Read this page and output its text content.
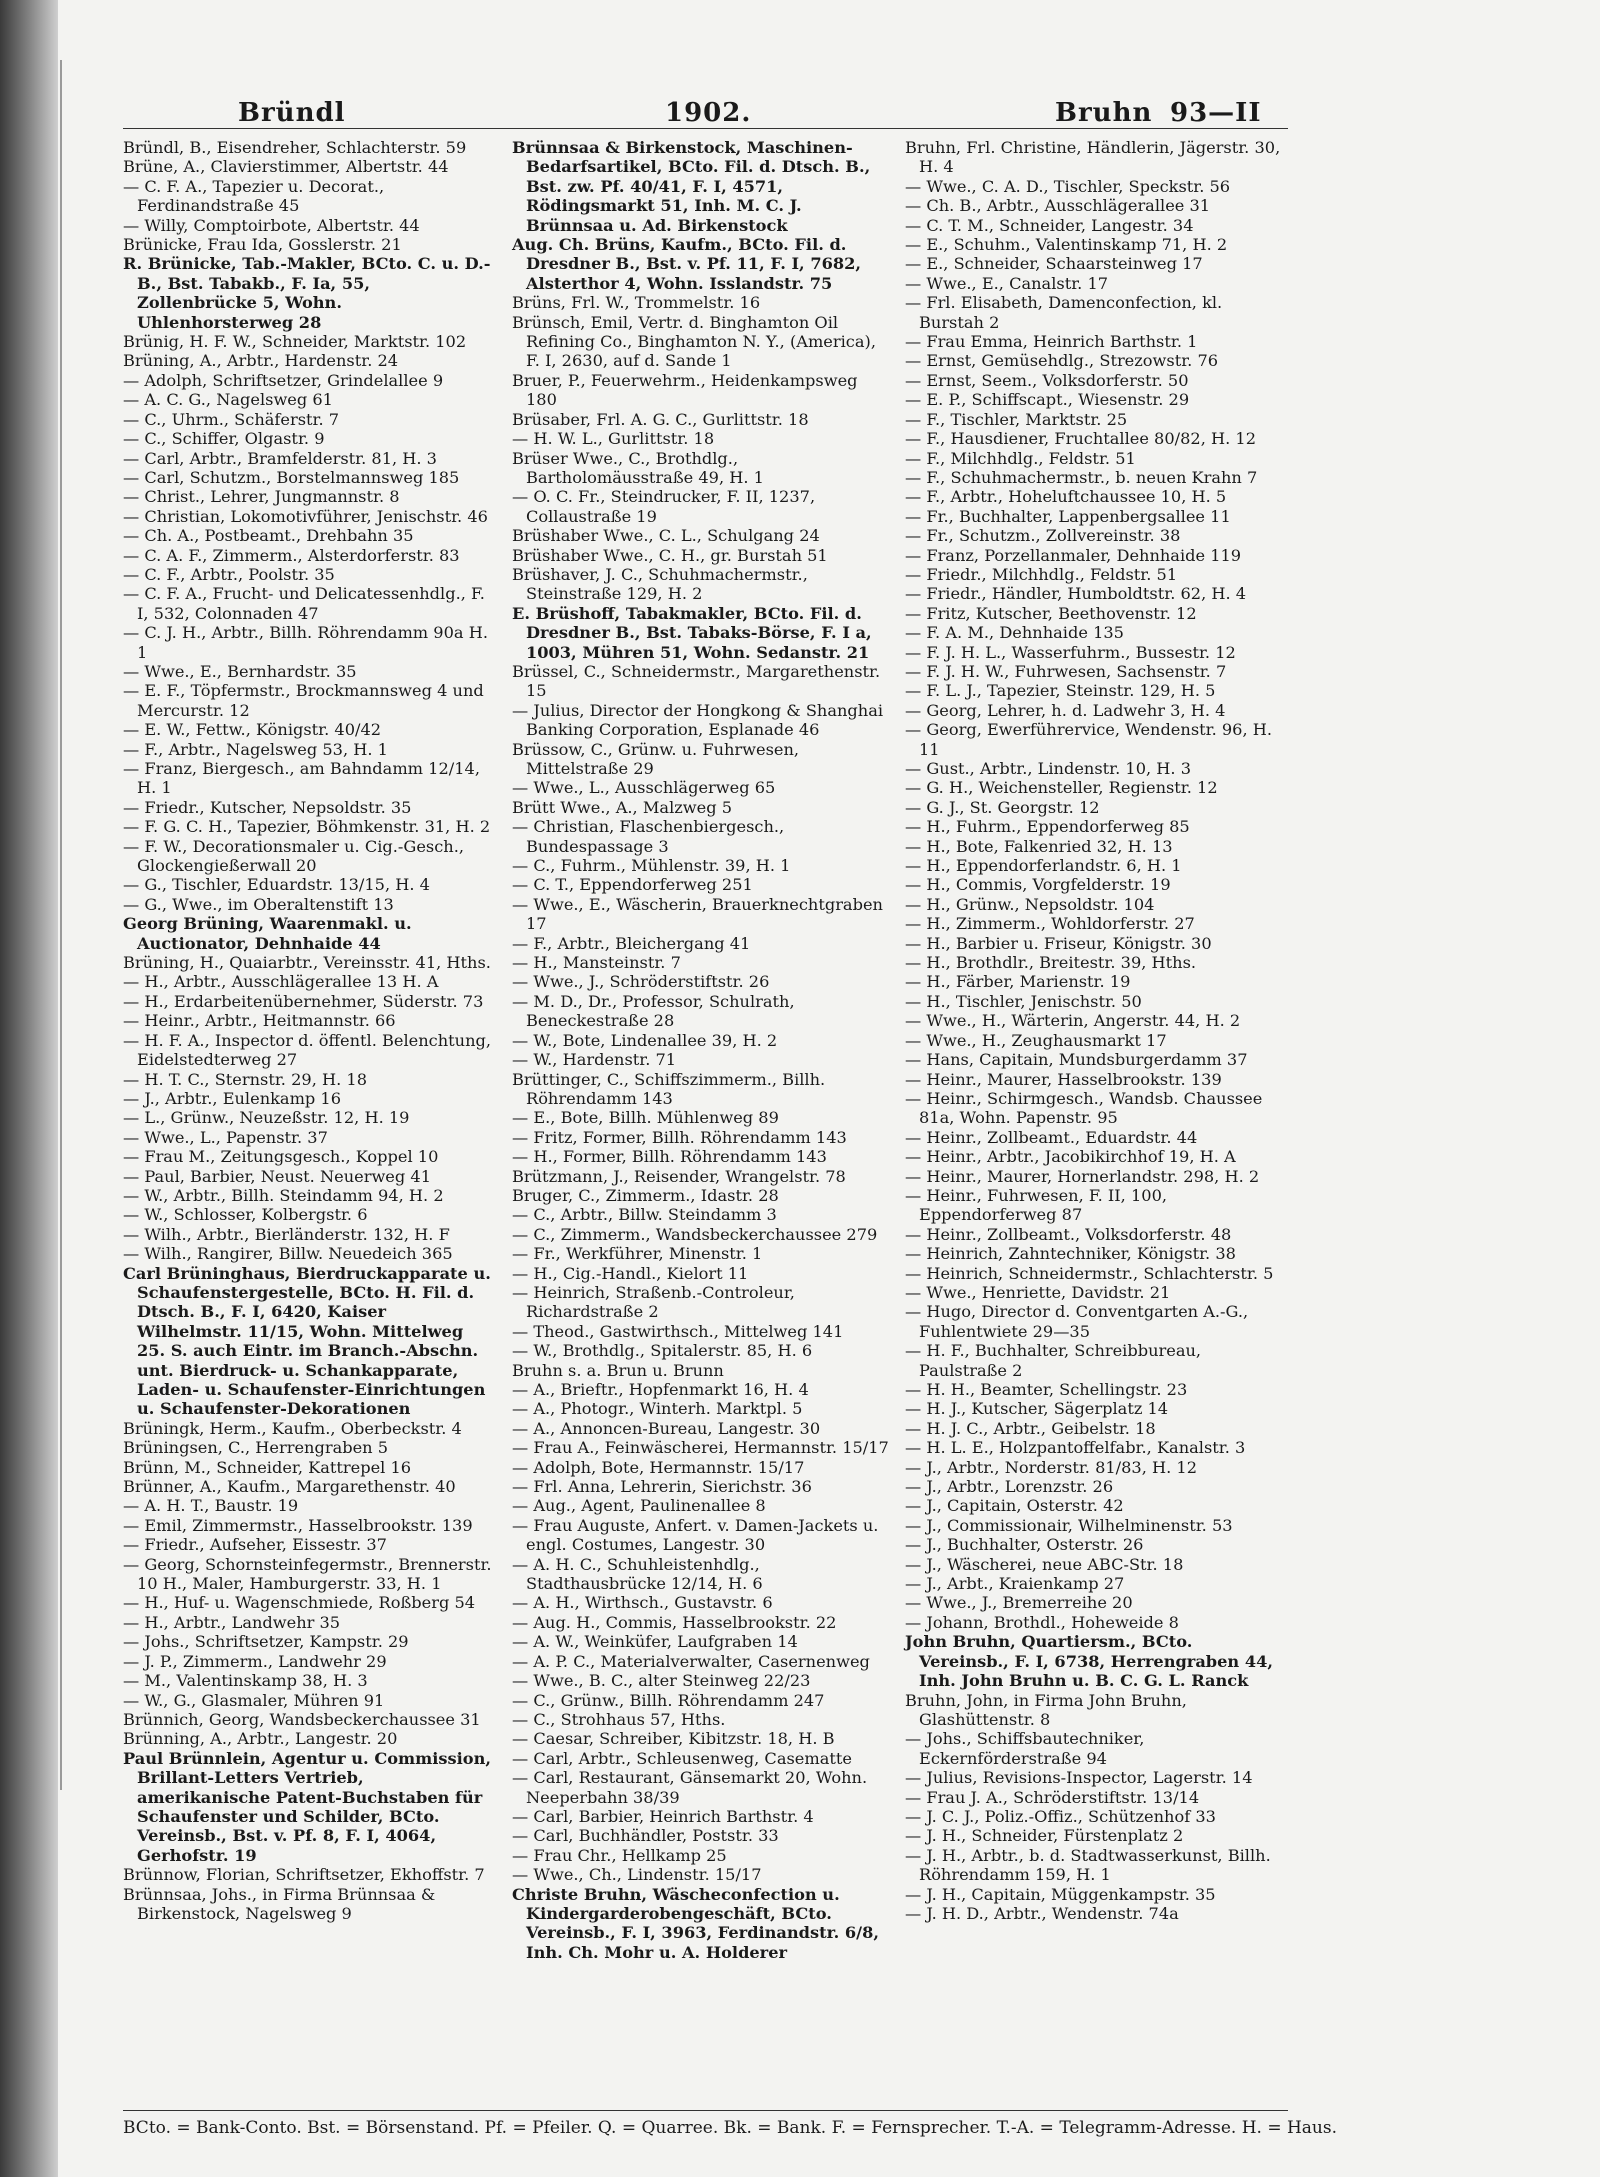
Bründl	1902.	Bruhn 93—II

Bründl, B., Eisendreher, Schlachterstr. 59

Brüne, A., Clavierstimmer, Albertstr. 44

— C. F. A., Tapezier u. Decorat., Ferdinandstraße 45

— Willy, Comptoirbote, Albertstr. 44

Brünicke, Frau Ida, Gosslerstr. 21

R. Brünicke, Tab.-Makler, BCto. C. u. D.-B., Bst. Tabakb., F. Ia, 55, Zollenbrücke 5, Wohn. Uhlenhorsterweg 28

Brünig, H. F. W., Schneider, Marktstr. 102

Brüning, A., Arbtr., Hardenstr. 24

— Adolph, Schriftsetzer, Grindelallee 9

— A. C. G., Nagelsweg 61

— C., Uhrm., Schäferstr. 7

— C., Schiffer, Olgastr. 9

— Carl, Arbtr., Bramfelderstr. 81, H. 3

— Carl, Schutzm., Borstelmannsweg 185

— Christ., Lehrer, Jungmannstr. 8

— Christian, Lokomotivführer, Jenischstr. 46

— Ch. A., Postbeamt., Drehbahn 35

— C. A. F., Zimmerm., Alsterdorferstr. 83

— C. F., Arbtr., Poolstr. 35

— C. F. A., Frucht- und Delicatessenhdlg., F. I, 532, Colonnaden 47

— C. J. H., Arbtr., Billh. Röhrendamm 90a H. 1

— Wwe., E., Bernhardstr. 35

— E. F., Töpfermstr., Brockmannsweg 4 und Mercurstr. 12

— E. W., Fettw., Königstr. 40/42

— F., Arbtr., Nagelsweg 53, H. 1

— Franz, Biergesch., am Bahndamm 12/14, H. 1

— Friedr., Kutscher, Nepsoldstr. 35

— F. G. C. H., Tapezier, Böhmkenstr. 31, H. 2

— F. W., Decorationsmaler u. Cig.-Gesch., Glockengießerwall 20

— G., Tischler, Eduardstr. 13/15, H. 4

— G., Wwe., im Oberaltenstift 13

Georg Brüning, Waarenmakl. u. Auctionator, Dehnhaide 44

Brüning, H., Quaiarbtr., Vereinsstr. 41, Hths.

— H., Arbtr., Ausschlägerallee 13 H. A

— H., Erdarbeitenübernehmer, Süderstr. 73

— Heinr., Arbtr., Heitmannstr. 66

— H. F. A., Inspector d. öffentl. Belenchtung, Eidelstedterweg 27

— H. T. C., Sternstr. 29, H. 18

— J., Arbtr., Eulenkamp 16

— L., Grünw., Neuzeßstr. 12, H. 19

— Wwe., L., Papenstr. 37

— Frau M., Zeitungsgesch., Koppel 10

— Paul, Barbier, Neust. Neuerweg 41

— W., Arbtr., Billh. Steindamm 94, H. 2

— W., Schlosser, Kolbergstr. 6

— Wilh., Arbtr., Bierländerstr. 132, H. F

— Wilh., Rangirer, Billw. Neuedeich 365

Carl Brüninghaus, Bierdruckapparate u. Schaufenstergestelle, BCto. H. Fil. d. Dtsch. B., F. I, 6420, Kaiser Wilhelmstr. 11/15, Wohn. Mittelweg 25. S. auch Eintr. im Branch.-Abschn. unt. Bierdruck- u. Schankapparate, Laden- u. Schaufenster-Einrichtungen u. Schaufenster-Dekorationen

Brüningk, Herm., Kaufm., Oberbeckstr. 4

Brüningsen, C., Herrengraben 5

Brünn, M., Schneider, Kattrepel 16

Brünner, A., Kaufm., Margarethenstr. 40

— A. H. T., Baustr. 19

— Emil, Zimmermstr., Hasselbrookstr. 139

— Friedr., Aufseher, Eissestr. 37

— Georg, Schornsteinfegermstr., Brennerstr. 10 H., Maler, Hamburgerstr. 33, H. 1

— H., Huf- u. Wagenschmiede, Roßberg 54

— H., Arbtr., Landwehr 35

— Johs., Schriftsetzer, Kampstr. 29

— J. P., Zimmerm., Landwehr 29

— M., Valentinskamp 38, H. 3

— W., G., Glasmaler, Mühren 91

Brünnich, Georg, Wandsbeckerchaussee 31

Brünning, A., Arbtr., Langestr. 20

Paul Brünnlein, Agentur u. Commission, Brillant-Letters Vertrieb, amerikanische Patent-Buchstaben für Schaufenster und Schilder, BCto. Vereinsb., Bst. v. Pf. 8, F. I, 4064, Gerhofstr. 19

Brünnow, Florian, Schriftsetzer, Ekhoffstr. 7

Brünnsaa, Johs., in Firma Brünnsaa & Birkenstock, Nagelsweg 9

Brünnsaa & Birkenstock, Maschinen-Bedarfsartikel, BCto. Fil. d. Dtsch. B., Bst. zw. Pf. 40/41, F. I, 4571, Rödingsmarkt 51, Inh. M. C. J. Brünnsaa u. Ad. Birkenstock

Aug. Ch. Brüns, Kaufm., BCto. Fil. d. Dresdner B., Bst. v. Pf. 11, F. I, 7682, Alsterthor 4, Wohn. Isslandstr. 75

Brüns, Frl. W., Trommelstr. 16

Brünsch, Emil, Vertr. d. Binghamton Oil Refining Co., Binghamton N. Y., (America), F. I, 2630, auf d. Sande 1

Bruer, P., Feuerwehrm., Heidenkampsweg 180

Brüsaber, Frl. A. G. C., Gurlittstr. 18

— H. W. L., Gurlittstr. 18

Brüser Wwe., C., Brothdlg., Bartholomäusstraße 49, H. 1

— O. C. Fr., Steindrucker, F. II, 1237, Collaustraße 19

Brüshaber Wwe., C. L., Schulgang 24

Brüshaber Wwe., C. H., gr. Burstah 51

Brüshaver, J. C., Schuhmachermstr., Steinstraße 129, H. 2

E. Brüshoff, Tabakmakler, BCto. Fil. d. Dresdner B., Bst. Tabaks-Börse, F. I a, 1003, Mühren 51, Wohn. Sedanstr. 21

Brüssel, C., Schneidermstr., Margarethenstr. 15

— Julius, Director der Hongkong & Shanghai Banking Corporation, Esplanade 46

Brüssow, C., Grünw. u. Fuhrwesen, Mittelstraße 29

— Wwe., L., Ausschlägerweg 65

Brütt Wwe., A., Malzweg 5

— Christian, Flaschenbiergesch., Bundespassage 3

— C., Fuhrm., Mühlenstr. 39, H. 1

— C. T., Eppendorferweg 251

— Wwe., E., Wäscherin, Brauerknechtgraben 17

— F., Arbtr., Bleichergang 41

— H., Mansteinstr. 7

— Wwe., J., Schröderstiftstr. 26

— M. D., Dr., Professor, Schulrath, Beneckestraße 28

— W., Bote, Lindenallee 39, H. 2

— W., Hardenstr. 71

Brüttinger, C., Schiffszimmerm., Billh. Röhrendamm 143

— E., Bote, Billh. Mühlenweg 89

— Fritz, Former, Billh. Röhrendamm 143

— H., Former, Billh. Röhrendamm 143

Brützmann, J., Reisender, Wrangelstr. 78

Bruger, C., Zimmerm., Idastr. 28

— C., Arbtr., Billw. Steindamm 3

— C., Zimmerm., Wandsbeckerchaussee 279

— Fr., Werkführer, Minenstr. 1

— H., Cig.-Handl., Kielort 11

— Heinrich, Straßenb.-Controleur, Richardstraße 2

— Theod., Gastwirthsch., Mittelweg 141

— W., Brothdlg., Spitalerstr. 85, H. 6

Bruhn s. a. Brun u. Brunn

— A., Brieftr., Hopfenmarkt 16, H. 4

— A., Photogr., Winterh. Marktpl. 5

— A., Annoncen-Bureau, Langestr. 30

— Frau A., Feinwäscherei, Hermannstr. 15/17

— Adolph, Bote, Hermannstr. 15/17

— Frl. Anna, Lehrerin, Sierichstr. 36

— Aug., Agent, Paulinenallee 8

— Frau Auguste, Anfert. v. Damen-Jackets u. engl. Costumes, Langestr. 30

— A. H. C., Schuhleistenhdlg., Stadthausbrücke 12/14, H. 6

— A. H., Wirthsch., Gustavstr. 6

— Aug. H., Commis, Hasselbrookstr. 22

— A. W., Weinküfer, Laufgraben 14

— A. P. C., Materialverwalter, Casernenweg

— Wwe., B. C., alter Steinweg 22/23

— C., Grünw., Billh. Röhrendamm 247

— C., Strohhaus 57, Hths.

— Caesar, Schreiber, Kibitzstr. 18, H. B

— Carl, Arbtr., Schleusenweg, Casematte

— Carl, Restaurant, Gänsemarkt 20, Wohn. Neeperbahn 38/39

— Carl, Barbier, Heinrich Barthstr. 4

— Carl, Buchhändler, Poststr. 33

— Frau Chr., Hellkamp 25

— Wwe., Ch., Lindenstr. 15/17

Christe Bruhn, Wäscheconfection u. Kindergarderobengeschäft, BCto. Vereinsb., F. I, 3963, Ferdinandstr. 6/8, Inh. Ch. Mohr u. A. Holderer

Bruhn, Frl. Christine, Händlerin, Jägerstr. 30, H. 4

— Wwe., C. A. D., Tischler, Speckstr. 56

— Ch. B., Arbtr., Ausschlägerallee 31

— C. T. M., Schneider, Langestr. 34

— E., Schuhm., Valentinskamp 71, H. 2

— E., Schneider, Schaarsteinweg 17

— Wwe., E., Canalstr. 17

— Frl. Elisabeth, Damenconfection, kl. Burstah 2

— Frau Emma, Heinrich Barthstr. 1

— Ernst, Gemüsehdlg., Strezowstr. 76

— Ernst, Seem., Volksdorferstr. 50

— E. P., Schiffscapt., Wiesenstr. 29

— F., Tischler, Marktstr. 25

— F., Hausdiener, Fruchtallee 80/82, H. 12

— F., Milchhdlg., Feldstr. 51

— F., Schuhmachermstr., b. neuen Krahn 7

— F., Arbtr., Hoheluftchaussee 10, H. 5

— Fr., Buchhalter, Lappenbergsallee 11

— Fr., Schutzm., Zollvereinstr. 38

— Franz, Porzellanmaler, Dehnhaide 119

— Friedr., Milchhdlg., Feldstr. 51

— Friedr., Händler, Humboldtstr. 62, H. 4

— Fritz, Kutscher, Beethovenstr. 12

— F. A. M., Dehnhaide 135

— F. J. H. L., Wasserfuhrm., Bussestr. 12

— F. J. H. W., Fuhrwesen, Sachsenstr. 7

— F. L. J., Tapezier, Steinstr. 129, H. 5

— Georg, Lehrer, h. d. Ladwehr 3, H. 4

— Georg, Ewerführervice, Wendenstr. 96, H. 11

— Gust., Arbtr., Lindenstr. 10, H. 3

— G. H., Weichensteller, Regienstr. 12

— G. J., St. Georgstr. 12

— H., Fuhrm., Eppendorferweg 85

— H., Bote, Falkenried 32, H. 13

— H., Eppendorferlandstr. 6, H. 1

— H., Commis, Vorgfelderstr. 19

— H., Grünw., Nepsoldstr. 104

— H., Zimmerm., Wohldorferstr. 27

— H., Barbier u. Friseur, Königstr. 30

— H., Brothdlr., Breitestr. 39, Hths.

— H., Färber, Marienstr. 19

— H., Tischler, Jenischstr. 50

— Wwe., H., Wärterin, Angerstr. 44, H. 2

— Wwe., H., Zeughausmarkt 17

— Hans, Capitain, Mundsburgerdamm 37

— Heinr., Maurer, Hasselbrookstr. 139

— Heinr., Schirmgesch., Wandsb. Chaussee 81a, Wohn. Papenstr. 95

— Heinr., Zollbeamt., Eduardstr. 44

— Heinr., Arbtr., Jacobikirchhof 19, H. A

— Heinr., Maurer, Hornerlandstr. 298, H. 2

— Heinr., Fuhrwesen, F. II, 100, Eppendorferweg 87

— Heinr., Zollbeamt., Volksdorferstr. 48

— Heinrich, Zahntechniker, Königstr. 38

— Heinrich, Schneidermstr., Schlachterstr. 5

— Wwe., Henriette, Davidstr. 21

— Hugo, Director d. Conventgarten A.-G., Fuhlentwiete 29—35

— H. F., Buchhalter, Schreibbureau, Paulstraße 2

— H. H., Beamter, Schellingstr. 23

— H. J., Kutscher, Sägerplatz 14

— H. J. C., Arbtr., Geibelstr. 18

— H. L. E., Holzpantoffelfabr., Kanalstr. 3

— J., Arbtr., Norderstr. 81/83, H. 12

— J., Arbtr., Lorenzstr. 26

— J., Capitain, Osterstr. 42

— J., Commissionair, Wilhelminenstr. 53

— J., Buchhalter, Osterstr. 26

— J., Wäscherei, neue ABC-Str. 18

— J., Arbt., Kraienkamp 27

— Wwe., J., Bremerreihe 20

— Johann, Brothdl., Hoheweide 8

John Bruhn, Quartiersm., BCto. Vereinsb., F. I, 6738, Herrengraben 44, Inh. John Bruhn u. B. C. G. L. Ranck

Bruhn, John, in Firma John Bruhn, Glashüttenstr. 8

— Johs., Schiffsbautechniker, Eckernförderstraße 94

— Julius, Revisions-Inspector, Lagerstr. 14

— Frau J. A., Schröderstiftstr. 13/14

— J. C. J., Poliz.-Offiz., Schützenhof 33

— J. H., Schneider, Fürstenplatz 2

— J. H., Arbtr., b. d. Stadtwasserkunst, Billh. Röhrendamm 159, H. 1

— J. H., Capitain, Müggenkampstr. 35

— J. H. D., Arbtr., Wendenstr. 74a

BCto. = Bank-Conto. Bst. = Börsenstand. Pf. = Pfeiler. Q. = Quarree. Bk. = Bank. F. = Fernsprecher. T.-A. = Telegramm-Adresse. H. = Haus.
